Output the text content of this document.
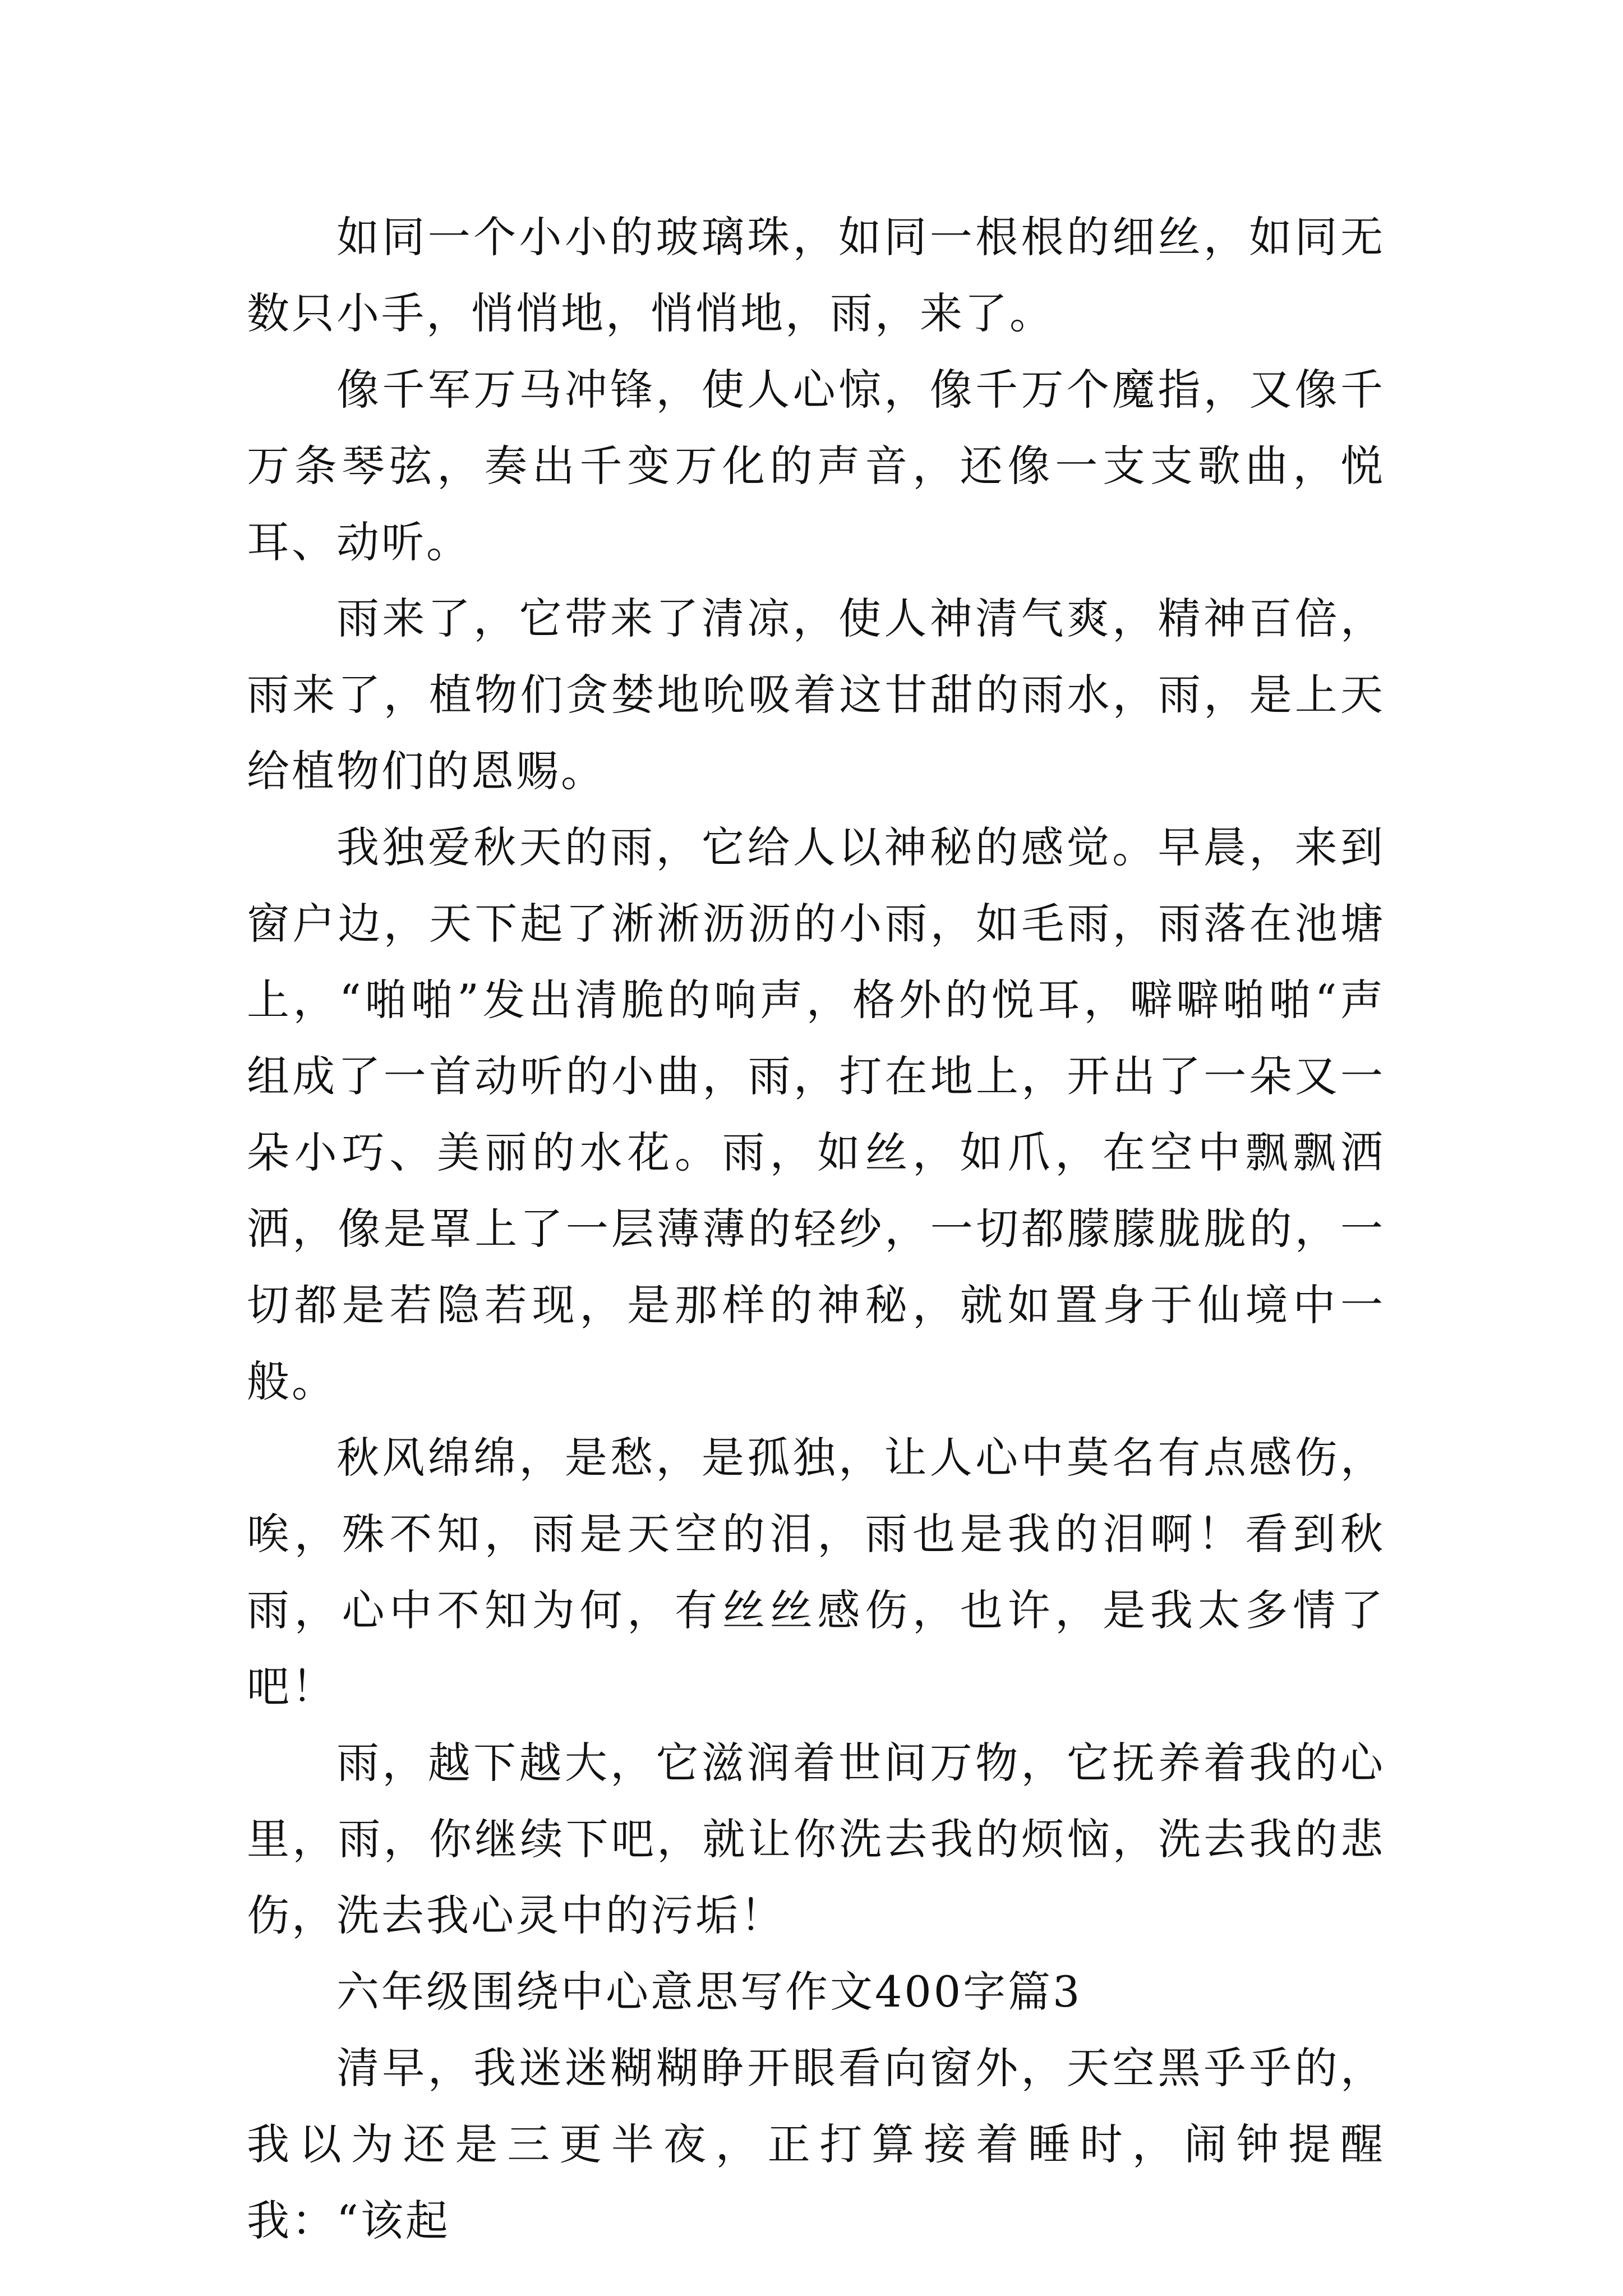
如同一个小小的玻璃珠，如同一根根的细丝，如同无数只小手，悄悄地，悄悄地，雨，来了。

像千军万马冲锋，使人心惊，像千万个魔指，又像千万条琴弦，奏出千变万化的声音，还像一支支歌曲，悦耳、动听。

雨来了，它带来了清凉，使人神清气爽，精神百倍，雨来了，植物们贪婪地吮吸着这甘甜的雨水，雨，是上天给植物们的恩赐。

我独爱秋天的雨，它给人以神秘的感觉。早晨，来到窗户边，天下起了淅淅沥沥的小雨，如毛雨，雨落在池塘上，“啪啪”发出清脆的响声，格外的悦耳，噼噼啪啪“声组成了一首动听的小曲，雨，打在地上，开出了一朵又一朵小巧、美丽的水花。雨，如丝，如爪，在空中飘飘洒洒，像是罩上了一层薄薄的轻纱，一切都朦朦胧胧的，一切都是若隐若现，是那样的神秘，就如置身于仙境中一般。

秋风绵绵，是愁，是孤独，让人心中莫名有点感伤，唉，殊不知，雨是天空的泪，雨也是我的泪啊！看到秋雨，心中不知为何，有丝丝感伤，也许，是我太多情了吧！

雨，越下越大，它滋润着世间万物，它抚养着我的心里，雨，你继续下吧，就让你洗去我的烦恼，洗去我的悲伤，洗去我心灵中的污垢！

六年级围绕中心意思写作文400字篇3

清早，我迷迷糊糊睁开眼看向窗外，天空黑乎乎的，我以为还是三更半夜，正打算接着睡时，闹钟提醒我：“该起
